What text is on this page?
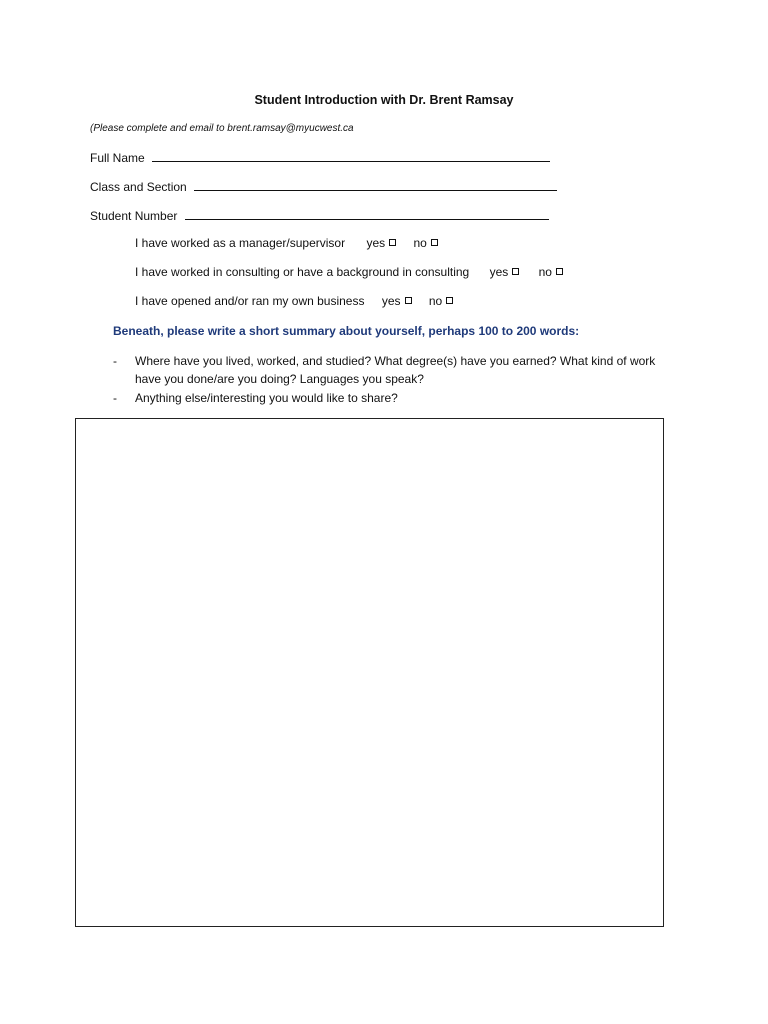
Student Introduction with Dr. Brent Ramsay
(Please complete and email to brent.ramsay@myucwest.ca
Full Name
Class and Section
Student Number
I have worked as a manager/supervisor yes no
I have worked in consulting or have a background in consulting yes	no
I have opened and/or ran my own business yes no
Beneath, please write a short summary about yourself, perhaps 100 to 200 words:
- Where have you lived, worked, and studied? What degree(s) have you earned? What kind of work have you done/are you doing? Languages you speak?
- Anything else/interesting you would like to share?
